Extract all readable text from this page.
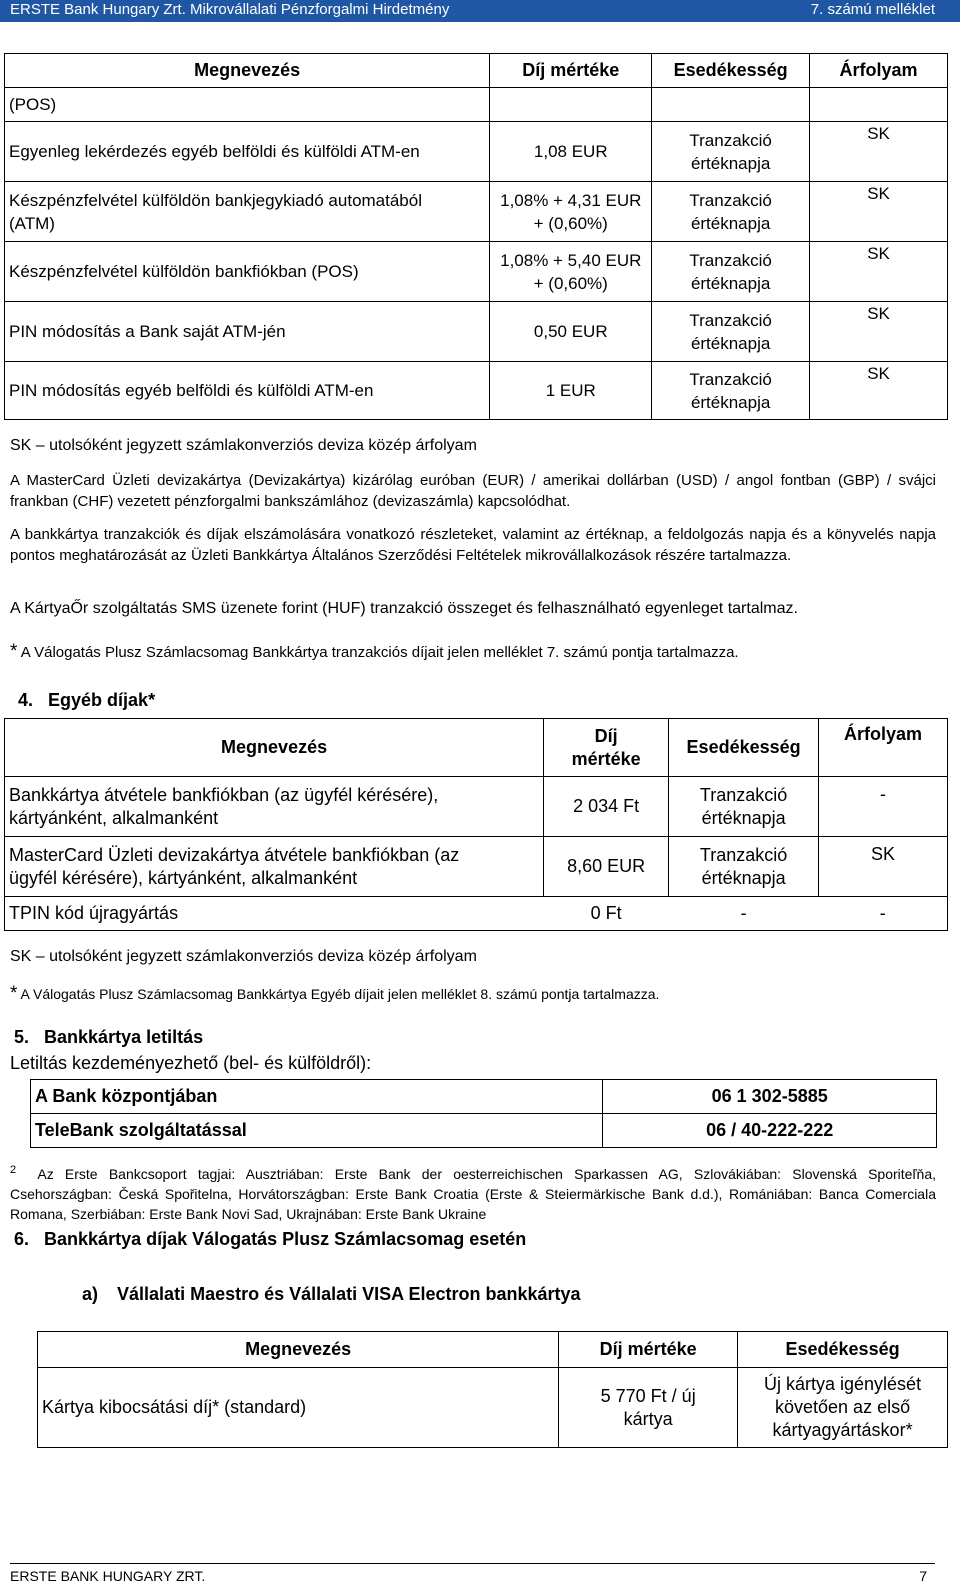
ERSTE Bank Hungary Zrt. Mikrovállalati Pénzforgalmi Hirdetmény	7. számú melléklet
Megnevezés	Díj mértéke	Esedékesség	Árfolyam
(POS)			
Egyenleg lekérdezés egyéb belföldi és külföldi ATM-en	1,08 EUR	Tranzakció értéknapja	SK
Készpénzfelvétel külföldön bankjegykiadó automatából (ATM)	1,08% + 4,31 EUR + (0,60%)	Tranzakció értéknapja	SK
Készpénzfelvétel külföldön bankfiókban (POS)	1,08% + 5,40 EUR + (0,60%)	Tranzakció értéknapja	SK
PIN módosítás a Bank saját ATM-jén	0,50 EUR	Tranzakció értéknapja	SK
PIN módosítás egyéb belföldi és külföldi ATM-en	1 EUR	Tranzakció értéknapja	SK
SK – utolsóként jegyzett számlakonverziós deviza közép árfolyam
A MasterCard Üzleti devizakártya (Devizakártya) kizárólag euróban (EUR) / amerikai dollárban (USD) / angol fontban (GBP) / svájci frankban (CHF) vezetett pénzforgalmi bankszámlához (devizaszámla) kapcsolódhat.
A bankkártya tranzakciók és díjak elszámolására vonatkozó részleteket, valamint az értéknap, a feldolgozás napja és a könyvelés napja pontos meghatározását az Üzleti Bankkártya Általános Szerződési Feltételek mikrovállalkozások részére tartalmazza.
A KártyaŐr szolgáltatás SMS üzenete forint (HUF) tranzakció összeget és felhasználható egyenleget tartalmaz.
* A Válogatás Plusz Számlacsomag Bankkártya tranzakciós díjait jelen melléklet 7. számú pontja tartalmazza.
4. Egyéb díjak*
Megnevezés	Díj mértéke	Esedékesség	Árfolyam
Bankkártya átvétele bankfiókban (az ügyfél kérésére), kártyánként, alkalmanként	2 034 Ft	Tranzakció értéknapja	-
MasterCard Üzleti devizakártya átvétele bankfiókban (az ügyfél kérésére), kártyánként, alkalmanként	8,60 EUR	Tranzakció értéknapja	SK
TPIN kód újragyártás	0 Ft	-	-
SK – utolsóként jegyzett számlakonverziós deviza közép árfolyam
* A Válogatás Plusz Számlacsomag Bankkártya Egyéb díjait jelen melléklet 8. számú pontja tartalmazza.
5. Bankkártya letiltás
Letiltás kezdeményezhető (bel- és külföldről):
A Bank központjában	06 1 302-5885
TeleBank szolgáltatással	06 / 40-222-222
$^2$ Az Erste Bankcsoport tagjai: Ausztriában: Erste Bank der oesterreichischen Sparkassen AG, Szlovákiában: Slovenská Sporiteľňa, Csehországban: Česká Spořitelna, Horvátországban: Erste Bank Croatia (Erste & Steiermärkische Bank d.d.), Romániában: Banca Comerciala Romana, Szerbiában: Erste Bank Novi Sad, Ukrajnában: Erste Bank Ukraine
6. Bankkártya díjak Válogatás Plusz Számlacsomag esetén
a) Vállalati Maestro és Vállalati VISA Electron bankkártya
Megnevezés	Díj mértéke	Esedékesség
Kártya kibocsátási díj* (standard)	5 770 Ft / új kártya	Új kártya igénylését követően az első kártyagyártáskor*
ERSTE BANK HUNGARY ZRT.	7
